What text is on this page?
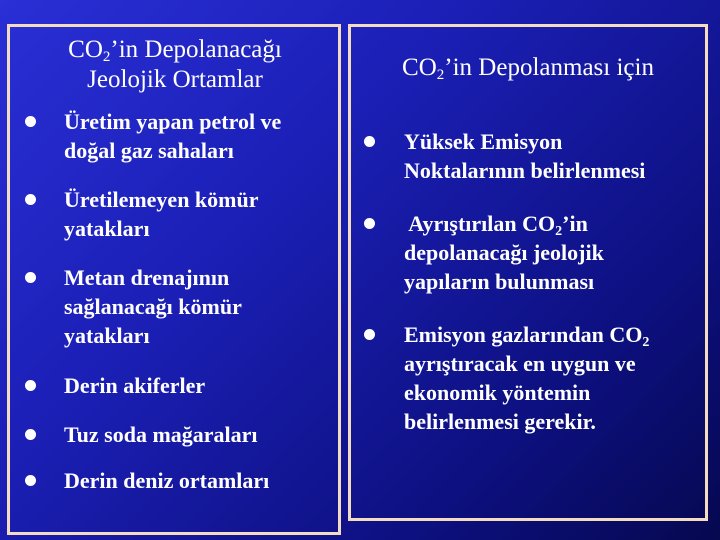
$CO_2’in$ Depolanacağı
Jeolojik Ortamlar
Üretim yapan petrol ve
doğal gaz sahaları
Üretilemeyen kömür
yatakları
Metan drenajının
sağlanacağı kömür
yatakları
Derin akiferler
Tuz soda mağaraları
Derin deniz ortamları
$CO_2’in$ Depolanması için
Yüksek Emisyon
Noktalarının belirlenmesi
Ayrıştırılan $CO_2’in$
depolanacağı jeolojik
yapıların bulunması
Emisyon gazlarından $CO_2$
ayrıştıracak en uygun ve
ekonomik yöntemin
belirlenmesi gerekir.
